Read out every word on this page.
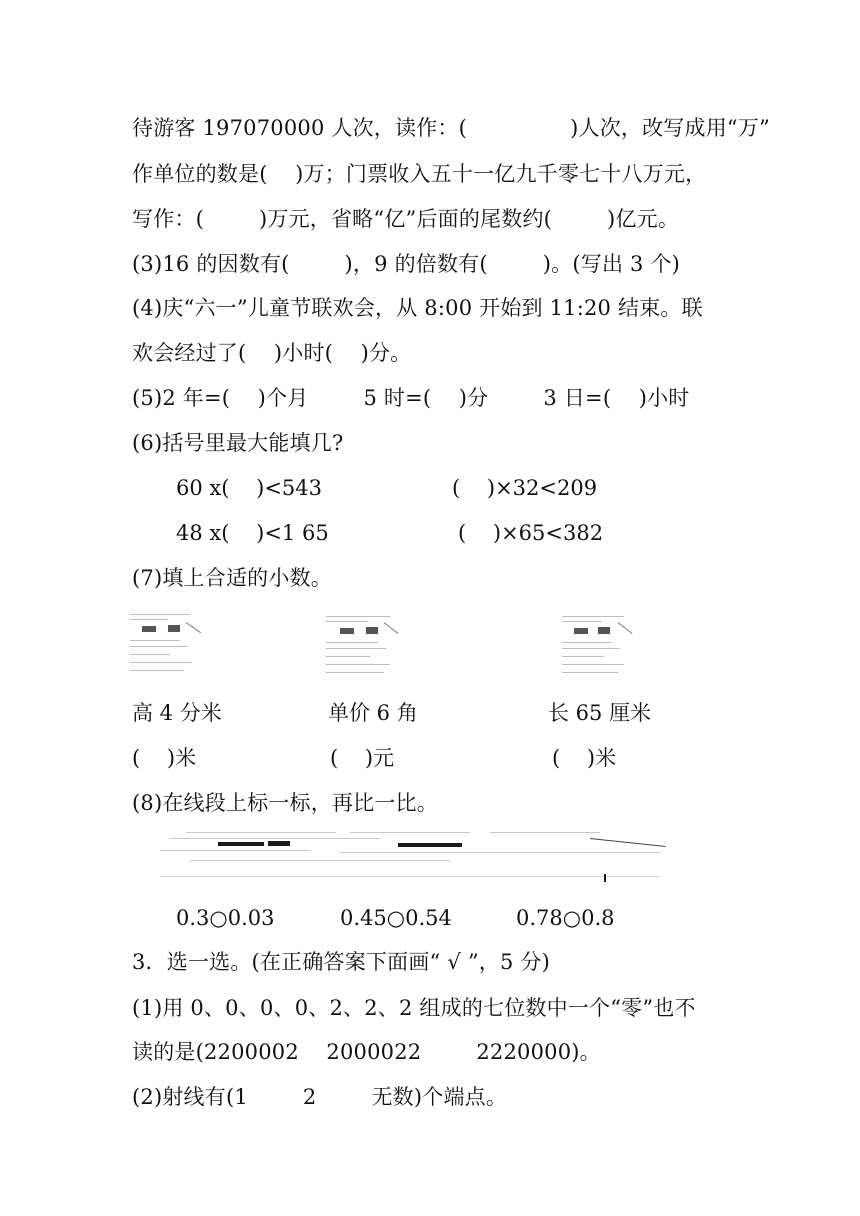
待游客 197070000 人次，读作：(               )人次，改写成用“万”
作单位的数是(    )万；门票收入五十一亿九千零七十八万元，
写作：(        )万元，省略“亿”后面的尾数约(        )亿元。
(3)16 的因数有(        )，9 的倍数有(        )。(写出 3 个)
(4)庆“六一”儿童节联欢会，从 8:00 开始到 11:20 结束。联
欢会经过了(    )小时(    )分。
(5)2 年=(    )个月        5 时=(    )分        3 日=(    )小时
(6)括号里最大能填几?
60 x(    )<543	(    )×32<209
48 x(    )<1 65	(    )×65<382
(7)填上合适的小数。
高 4 分米	单价 6 角	长 65 厘米
(    )米	(    )元	(    )米
(8)在线段上标一标，再比一比。
0.3○0.03	0.45○0.54	0.78○0.8
3．选一选。(在正确答案下面画“ √ ”，5 分)
(1)用 0、0、0、0、2、2、2 组成的七位数中一个“零”也不
读的是(2200002    2000022        2220000)。
(2)射线有(1        2        无数)个端点。
